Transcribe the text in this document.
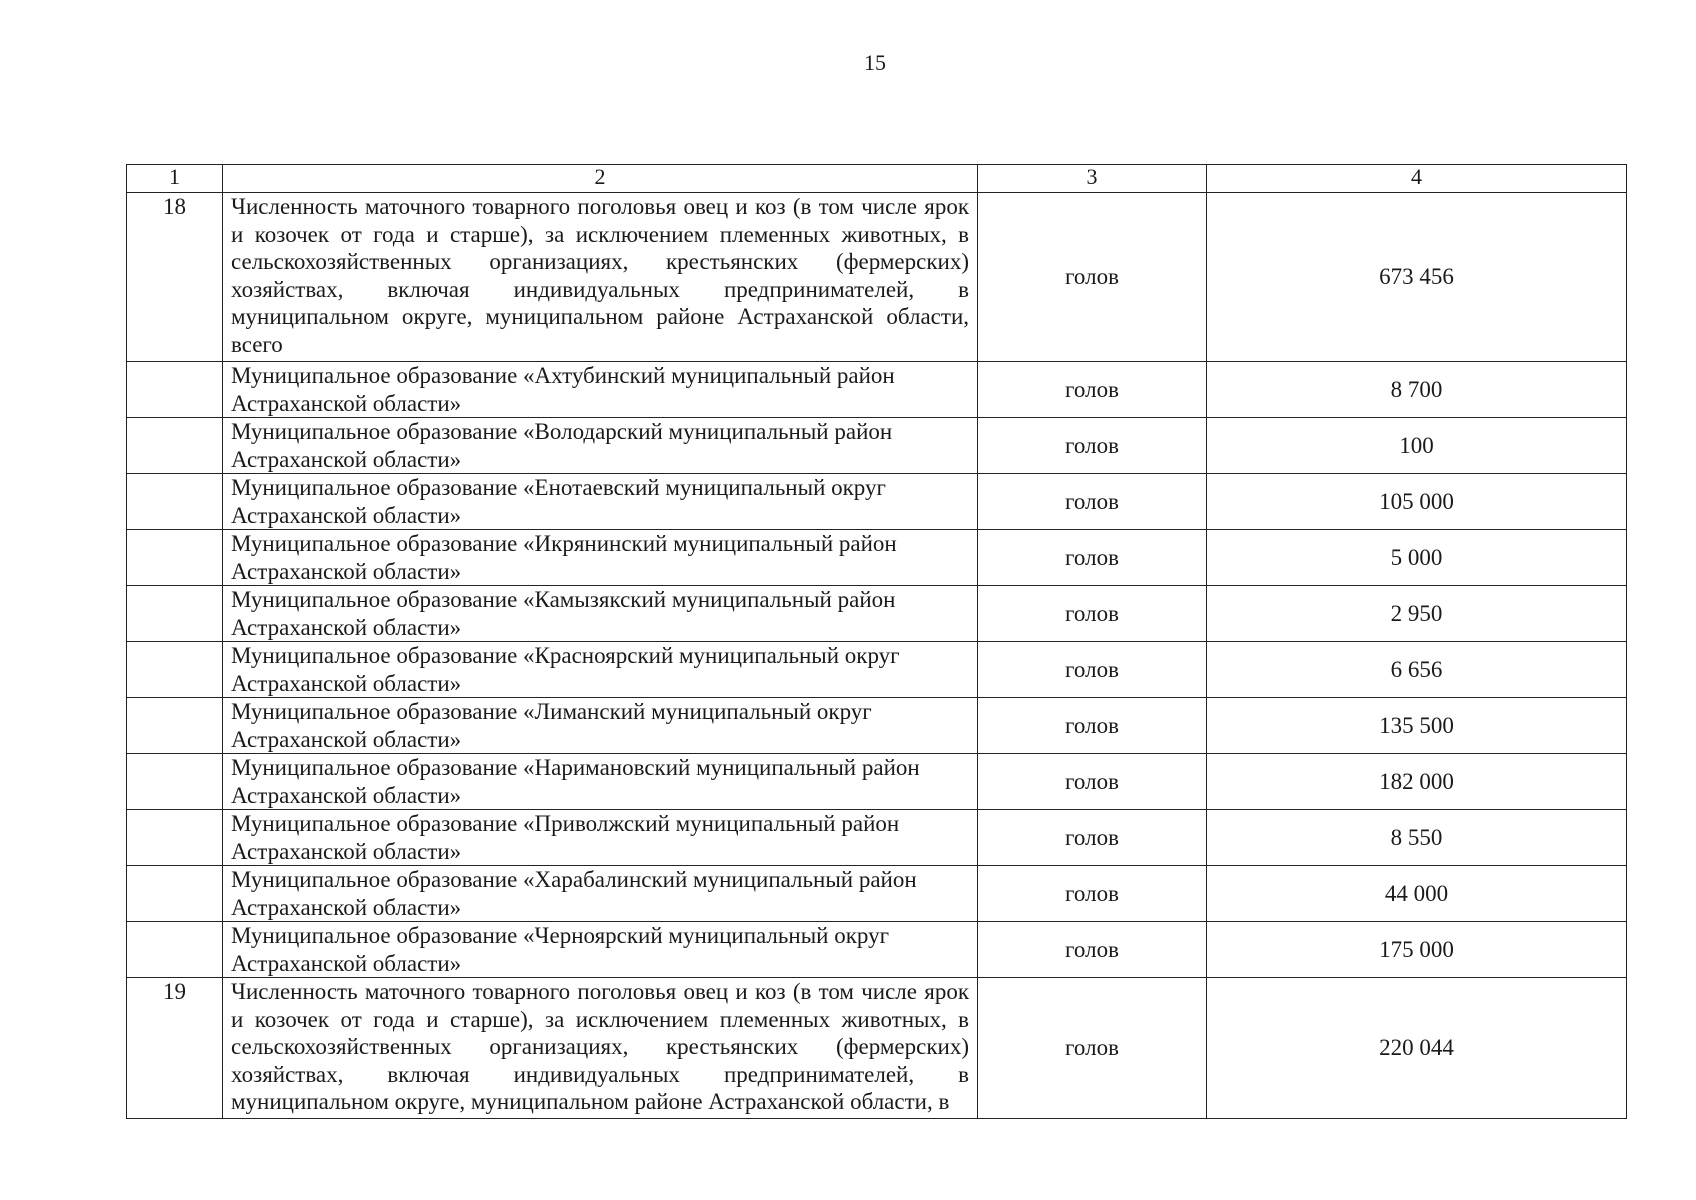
15
1	2	3	4
18	Численность маточного товарного поголовья овец и коз (в том числе ярок и козочек от года и старше), за исключением племенных животных, в сельскохозяйственных организациях, крестьянских (фермерских) хозяйствах, включая индивидуальных предпринимателей, в муниципальном округе, муниципальном районе Астраханской области, всего	голов	673 456
	Муниципальное образование «Ахтубинский муниципальный район Астраханской области»	голов	8 700
	Муниципальное образование «Володарский муниципальный район Астраханской области»	голов	100
	Муниципальное образование «Енотаевский муниципальный округ Астраханской области»	голов	105 000
	Муниципальное образование «Икрянинский муниципальный район Астраханской области»	голов	5 000
	Муниципальное образование «Камызякский муниципальный район Астраханской области»	голов	2 950
	Муниципальное образование «Красноярский муниципальный округ Астраханской области»	голов	6 656
	Муниципальное образование «Лиманский муниципальный округ Астраханской области»	голов	135 500
	Муниципальное образование «Наримановский муниципальный район Астраханской области»	голов	182 000
	Муниципальное образование «Приволжский муниципальный район Астраханской области»	голов	8 550
	Муниципальное образование «Харабалинский муниципальный район Астраханской области»	голов	44 000
	Муниципальное образование «Черноярский муниципальный округ Астраханской области»	голов	175 000
19	Численность маточного товарного поголовья овец и коз (в том числе ярок и козочек от года и старше), за исключением племенных животных, в сельскохозяйственных организациях, крестьянских (фермерских) хозяйствах, включая индивидуальных предпринимателей, в муниципальном округе, муниципальном районе Астраханской области, в	голов	220 044
